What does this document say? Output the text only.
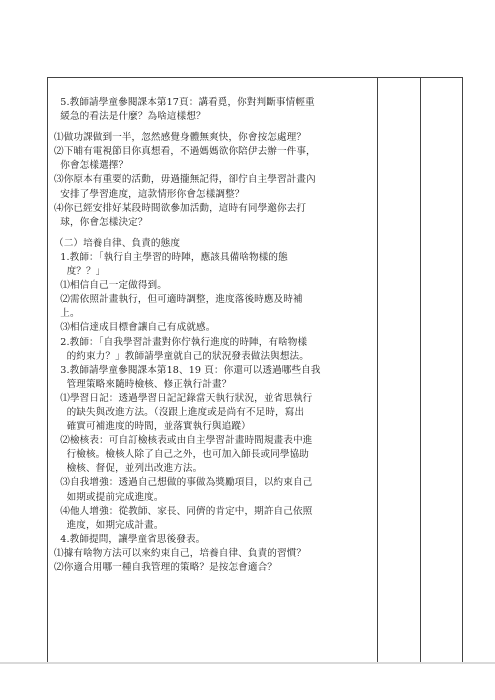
5.教師請學童參閱課本第17頁：講看覓，你對判斷事情輕重
緩急的看法是什麼？為啥這樣想？
⑴做功課做到一半，忽然感覺身體無爽快，你會按怎處理？
⑵下晡有電視節目你真想看，不過媽媽欲你陪伊去辦一件事，
你會怎樣選擇？
⑶你原本有重要的活動，毋過攏無記得，卻佇自主學習計畫內
安排了學習進度，這款情形你會怎樣調整？
⑷你已經安排好某段時間欲參加活動，這時有同學邀你去打
球，你會怎樣決定？
（二）培養自律、負責的態度
1.教師：「執行自主學習的時陣，應該具備啥物樣的態
度？？」
⑴相信自己一定做得到。
⑵需依照計畫執行，但可適時調整，進度落後時應及時補
上。
⑶相信達成目標會讓自己有成就感。
2.教師：「自我學習計畫對你佇執行進度的時陣，有啥物樣
的約束力？」教師請學童就自己的狀況發表做法與想法。
3.教師請學童參閱課本第18、19 頁：你還可以透過哪些自我
管理策略來隨時檢核、修正執行計畫？
⑴學習日記：透過學習日記記錄當天執行狀況，並省思執行
的缺失與改進方法。（沒跟上進度或是尚有不足時，寫出
確實可補進度的時間，並落實執行與追蹤）
⑵檢核表：可自訂檢核表或由自主學習計畫時間規畫表中進
行檢核。檢核人除了自己之外，也可加入師長或同學協助
檢核、督促，並列出改進方法。
⑶自我增強：透過自己想做的事做為獎勵項目，以約束自己
如期或提前完成進度。
⑷他人增強：從教師、家長、同儕的肯定中，期許自己依照
進度，如期完成計畫。
4.教師提問，讓學童省思後發表。
⑴據有啥物方法可以來約束自己，培養自律、負責的習慣？
⑵你適合用哪一種自我管理的策略？是按怎會適合？
